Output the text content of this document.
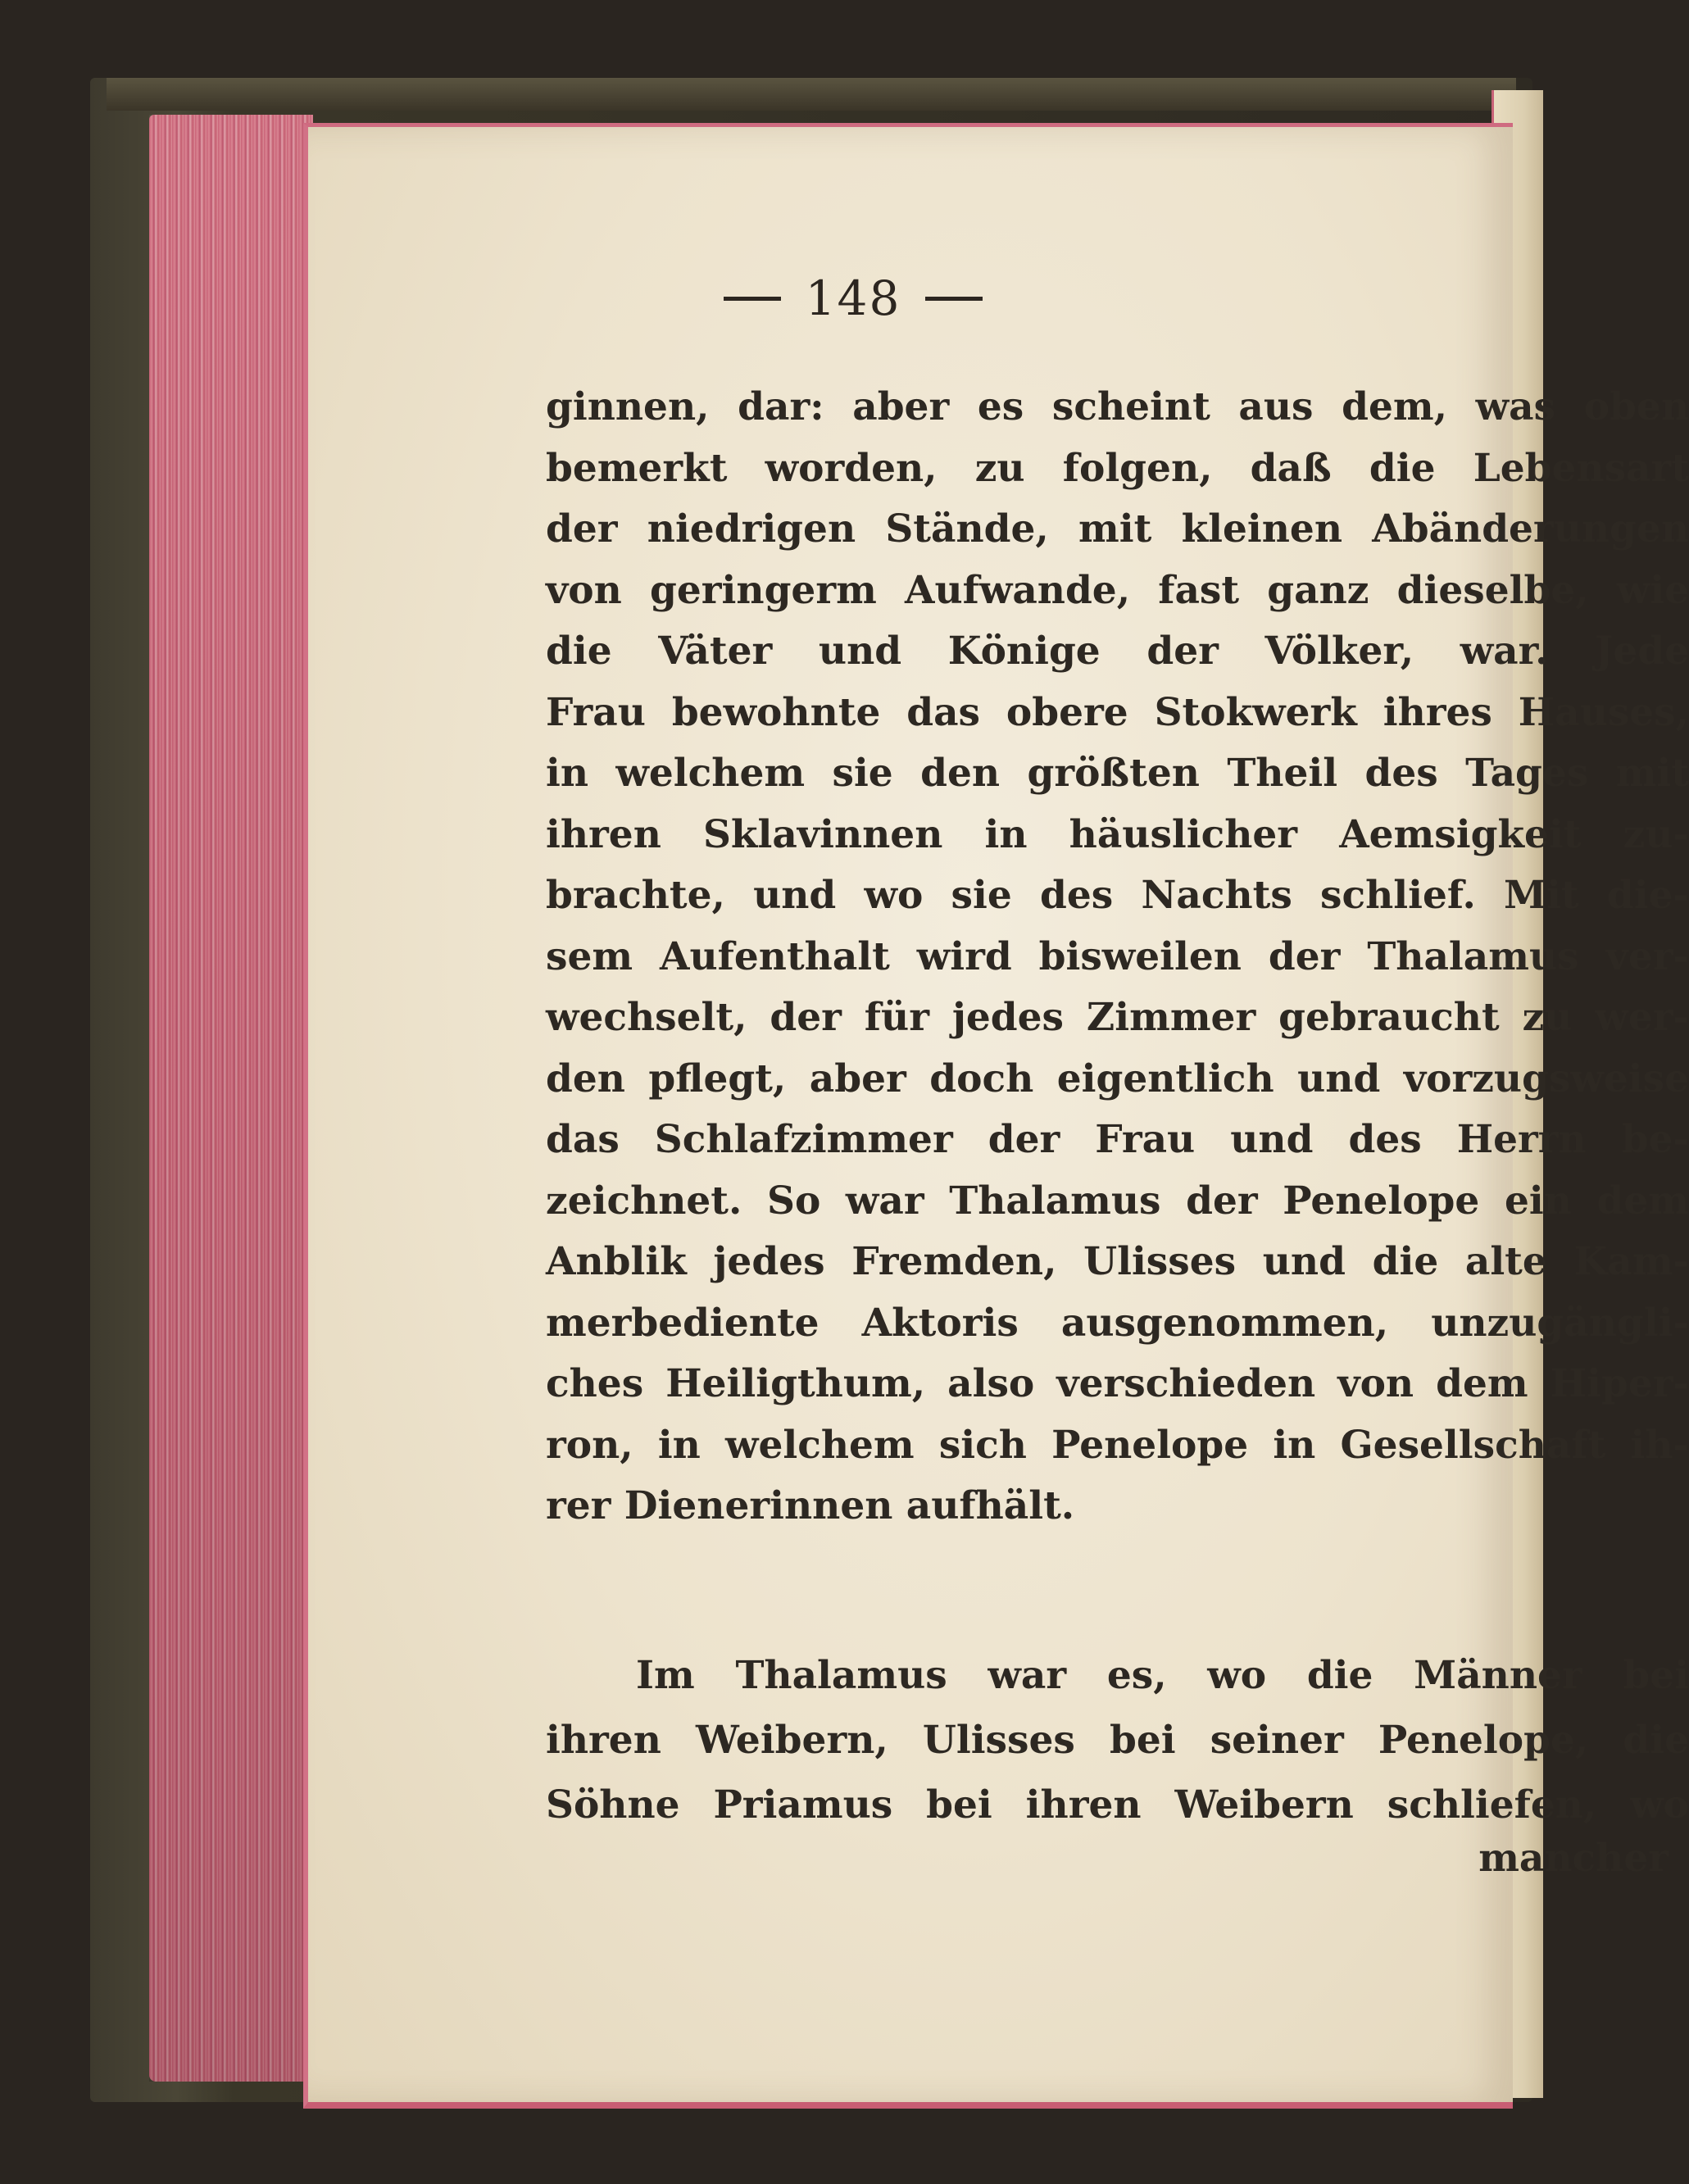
148
ginnen, dar: aber es scheint aus dem, was oben
bemerkt worden, zu folgen, daß die Lebensart
der niedrigen Stände, mit kleinen Abänderungen
von geringerm Aufwande, fast ganz dieselbe, wie
die Väter und Könige der Völker, war. Jede
Frau bewohnte das obere Stokwerk ihres Hauses,
in welchem sie den größten Theil des Tages mit
ihren Sklavinnen in häuslicher Aemsigkeit zu-
brachte, und wo sie des Nachts schlief. Mit die-
sem Aufenthalt wird bisweilen der Thalamus ver-
wechselt, der für jedes Zimmer gebraucht zu wer-
den pflegt, aber doch eigentlich und vorzugsweise
das Schlafzimmer der Frau und des Herrn be-
zeichnet. So war Thalamus der Penelope ein dem
Anblik jedes Fremden, Ulisses und die alte Kam-
merbediente Aktoris ausgenommen, unzugängli-
ches Heiligthum, also verschieden von dem Hiper-
ron, in welchem sich Penelope in Gesellschaft ih-
rer Dienerinnen aufhält.
Im Thalamus war es, wo die Männer bei
ihren Weibern, Ulisses bei seiner Penelope, die
Söhne Priamus bei ihren Weibern schliefen, wo
mancher
